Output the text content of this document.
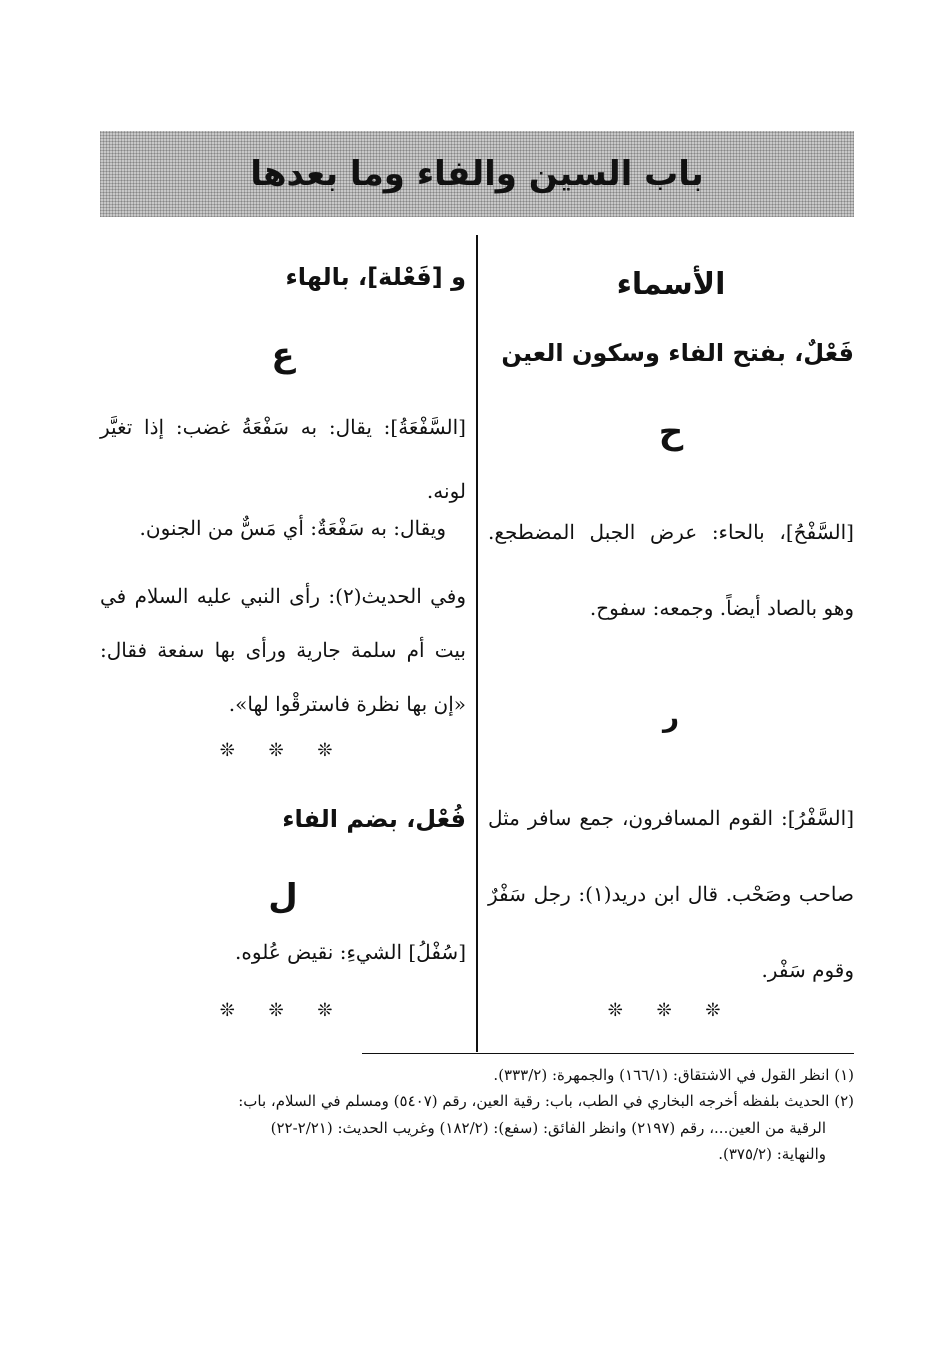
باب السين والفاء وما بعدها

الأسماء

فَعْلٌ، بفتح الفاء وسكون العين

ح

[السَّفْحُ]، بالحاء: عرض الجبل المضطجع. وهو بالصاد أيضاً. وجمعه: سفوح.

ر

[السَّفْرُ]: القوم المسافرون، جمع سافر مثل صاحب وصَحْب. قال ابن دريد(١): رجل سَفْرٌ وقوم سَفْر.

❊ ❊ ❊

و [فَعْلة]، بالهاء

ع

[السَّفْعَةُ]: يقال: به سَفْعَةُ غضب: إذا تغيَّر لونه.

ويقال: به سَفْعَةٌ: أي مَسٌّ من الجنون.

وفي الحديث(٢): رأى النبي عليه السلام في بيت أم سلمة جارية ورأى بها سفعة فقال: «إن بها نظرة فاسترقْوا لها».

❊ ❊ ❊

فُعْل، بضم الفاء

ل

[سُفْلُ] الشيءِ: نقيض عُلوه.

❊ ❊ ❊

(١) انظر القول في الاشتقاق: (١٦٦/١) والجمهرة: (٣٣٣/٢).

(٢) الحديث بلفظه أخرجه البخاري في الطب، باب: رقية العين، رقم (٥٤٠٧) ومسلم في السلام، باب:

الرقية من العين...، رقم (٢١٩٧) وانظر الفائق: (سفع): (١٨٢/٢) وغريب الحديث: (٢/٢١-٢٢)

والنهاية: (٣٧٥/٢).
